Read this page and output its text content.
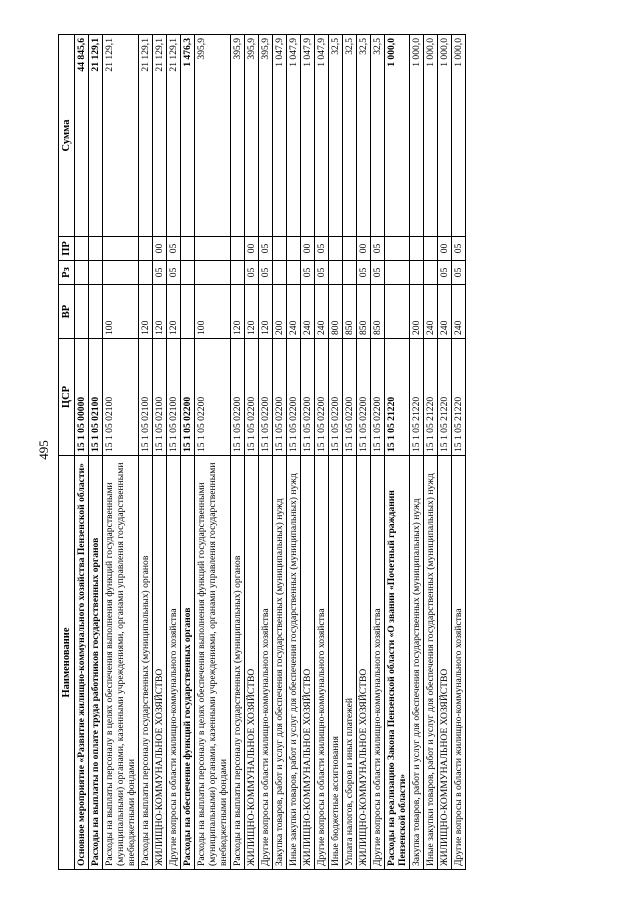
495
Наименование	ЦСР	ВР	Рз	ПР	Сумма
Основное мероприятие «Развитие жилищно-коммунального хозяйства Пензенской области»	15 1 05 00000				44 845,6
Расходы на выплаты по оплате труда работников государственных органов	15 1 05 02100				21 129,1
Расходы на выплаты персоналу в целях обеспечения выполнения функций государственными (муниципальными) органами, казенными учреждениями, органами управления государственными внебюджетными фондами	15 1 05 02100	100			21 129,1
Расходы на выплаты персоналу государственных (муниципальных) органов	15 1 05 02100	120			21 129,1
ЖИЛИЩНО-КОММУНАЛЬНОЕ ХОЗЯЙСТВО	15 1 05 02100	120	05	00	21 129,1
Другие вопросы в области жилищно-коммунального хозяйства	15 1 05 02100	120	05	05	21 129,1
Расходы на обеспечение функций государственных органов	15 1 05 02200				1 476,3
Расходы на выплаты персоналу в целях обеспечения выполнения функций государственными (муниципальными) органами, казенными учреждениями, органами управления государственными внебюджетными фондами	15 1 05 02200	100			395,9
Расходы на выплаты персоналу государственных (муниципальных) органов	15 1 05 02200	120			395,9
ЖИЛИЩНО-КОММУНАЛЬНОЕ ХОЗЯЙСТВО	15 1 05 02200	120	05	00	395,9
Другие вопросы в области жилищно-коммунального хозяйства	15 1 05 02200	120	05	05	395,9
Закупка товаров, работ и услуг для обеспечения государственных (муниципальных) нужд	15 1 05 02200	200			1 047,9
Иные закупки товаров, работ и услуг для обеспечения государственных (муниципальных) нужд	15 1 05 02200	240			1 047,9
ЖИЛИЩНО-КОММУНАЛЬНОЕ ХОЗЯЙСТВО	15 1 05 02200	240	05	00	1 047,9
Другие вопросы в области жилищно-коммунального хозяйства	15 1 05 02200	240	05	05	1 047,9
Иные бюджетные ассигнования	15 1 05 02200	800			32,5
Уплата налогов, сборов и иных платежей	15 1 05 02200	850			32,5
ЖИЛИЩНО-КОММУНАЛЬНОЕ ХОЗЯЙСТВО	15 1 05 02200	850	05	00	32,5
Другие вопросы в области жилищно-коммунального хозяйства	15 1 05 02200	850	05	05	32,5
Расходы на реализацию Закона Пензенской области «О звании «Почетный гражданин Пензенской области»	15 1 05 21220				1 000,0
Закупка товаров, работ и услуг для обеспечения государственных (муниципальных) нужд	15 1 05 21220	200			1 000,0
Иные закупки товаров, работ и услуг для обеспечения государственных (муниципальных) нужд	15 1 05 21220	240			1 000,0
ЖИЛИЩНО-КОММУНАЛЬНОЕ ХОЗЯЙСТВО	15 1 05 21220	240	05	00	1 000,0
Другие вопросы в области жилищно-коммунального хозяйства	15 1 05 21220	240	05	05	1 000,0
